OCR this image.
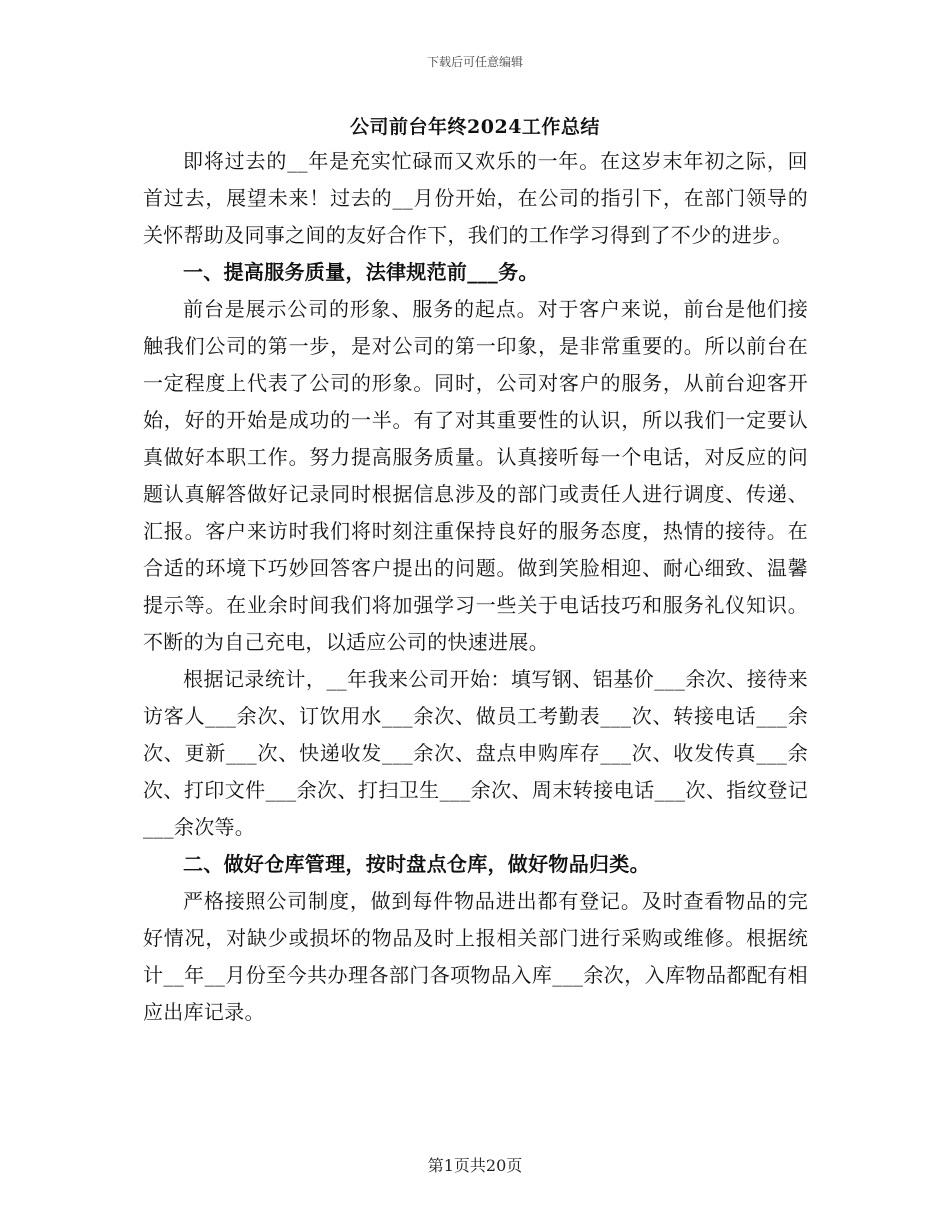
下载后可任意编辑
公司前台年终2024工作总结

即将过去的__年是充实忙碌而又欢乐的一年。在这岁末年初之际，回首过去，展望未来！过去的__月份开始，在公司的指引下，在部门领导的关怀帮助及同事之间的友好合作下，我们的工作学习得到了不少的进步。

一、提高服务质量，法律规范前___务。

前台是展示公司的形象、服务的起点。对于客户来说，前台是他们接触我们公司的第一步，是对公司的第一印象，是非常重要的。所以前台在一定程度上代表了公司的形象。同时，公司对客户的服务，从前台迎客开始，好的开始是成功的一半。有了对其重要性的认识，所以我们一定要认真做好本职工作。努力提高服务质量。认真接听每一个电话，对反应的问题认真解答做好记录同时根据信息涉及的部门或责任人进行调度、传递、汇报。客户来访时我们将时刻注重保持良好的服务态度，热情的接待。在合适的环境下巧妙回答客户提出的问题。做到笑脸相迎、耐心细致、温馨提示等。在业余时间我们将加强学习一些关于电话技巧和服务礼仪知识。不断的为自己充电，以适应公司的快速进展。

根据记录统计，__年我来公司开始：填写钢、铝基价___余次、接待来访客人___余次、订饮用水___余次、做员工考勤表___次、转接电话___余次、更新___次、快递收发___余次、盘点申购库存___次、收发传真___余次、打印文件___余次、打扫卫生___余次、周末转接电话___次、指纹登记___余次等。

二、做好仓库管理，按时盘点仓库，做好物品归类。

严格接照公司制度，做到每件物品进出都有登记。及时查看物品的完好情况，对缺少或损坏的物品及时上报相关部门进行采购或维修。根据统计__年__月份至今共办理各部门各项物品入库___余次，入库物品都配有相应出库记录。

第1页共20页
